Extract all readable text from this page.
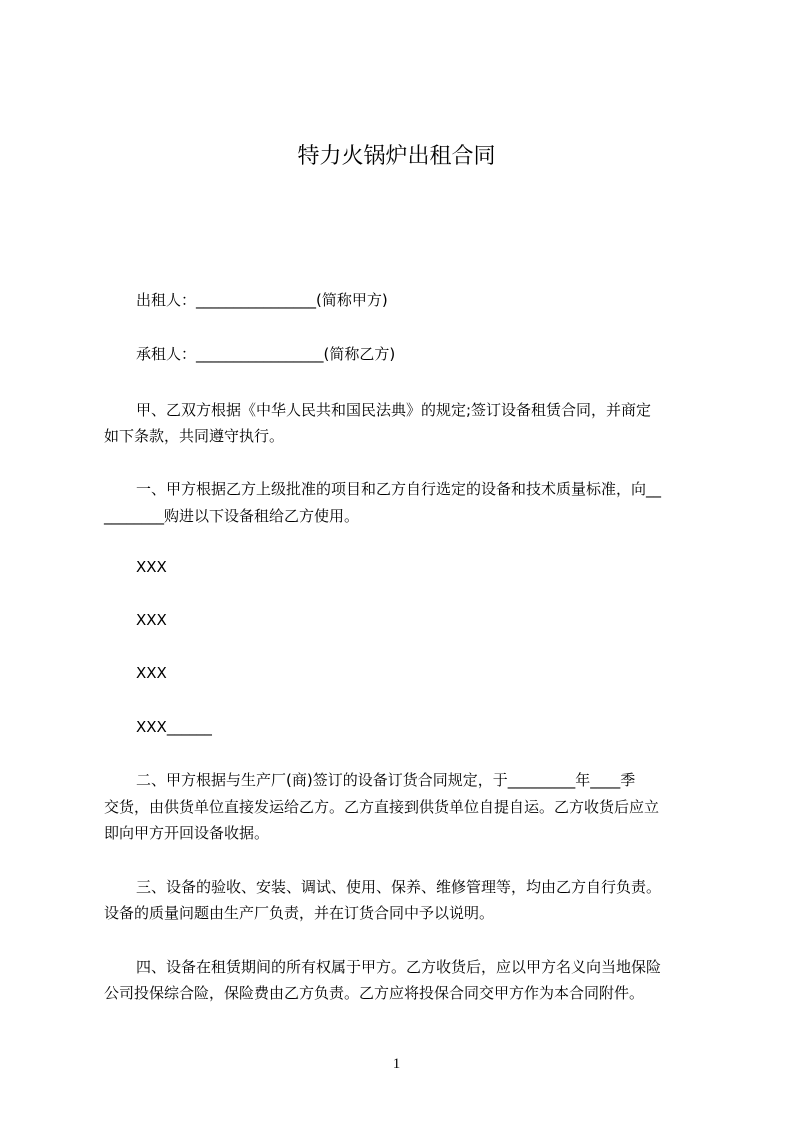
特力火锅炉出租合同
出租人：________________(简称甲方)
承租人：_________________(简称乙方)
甲、乙双方根据《中华人民共和国民法典》的规定;签订设备租赁合同，并商定
如下条款，共同遵守执行。
一、甲方根据乙方上级批准的项目和乙方自行选定的设备和技术质量标准，向__
________购进以下设备租给乙方使用。
XXX
XXX
XXX
XXX______
二、甲方根据与生产厂(商)签订的设备订货合同规定，于_________年____季
交货，由供货单位直接发运给乙方。乙方直接到供货单位自提自运。乙方收货后应立
即向甲方开回设备收据。
三、设备的验收、安装、调试、使用、保养、维修管理等，均由乙方自行负责。
设备的质量问题由生产厂负责，并在订货合同中予以说明。
四、设备在租赁期间的所有权属于甲方。乙方收货后，应以甲方名义向当地保险
公司投保综合险，保险费由乙方负责。乙方应将投保合同交甲方作为本合同附件。
1
